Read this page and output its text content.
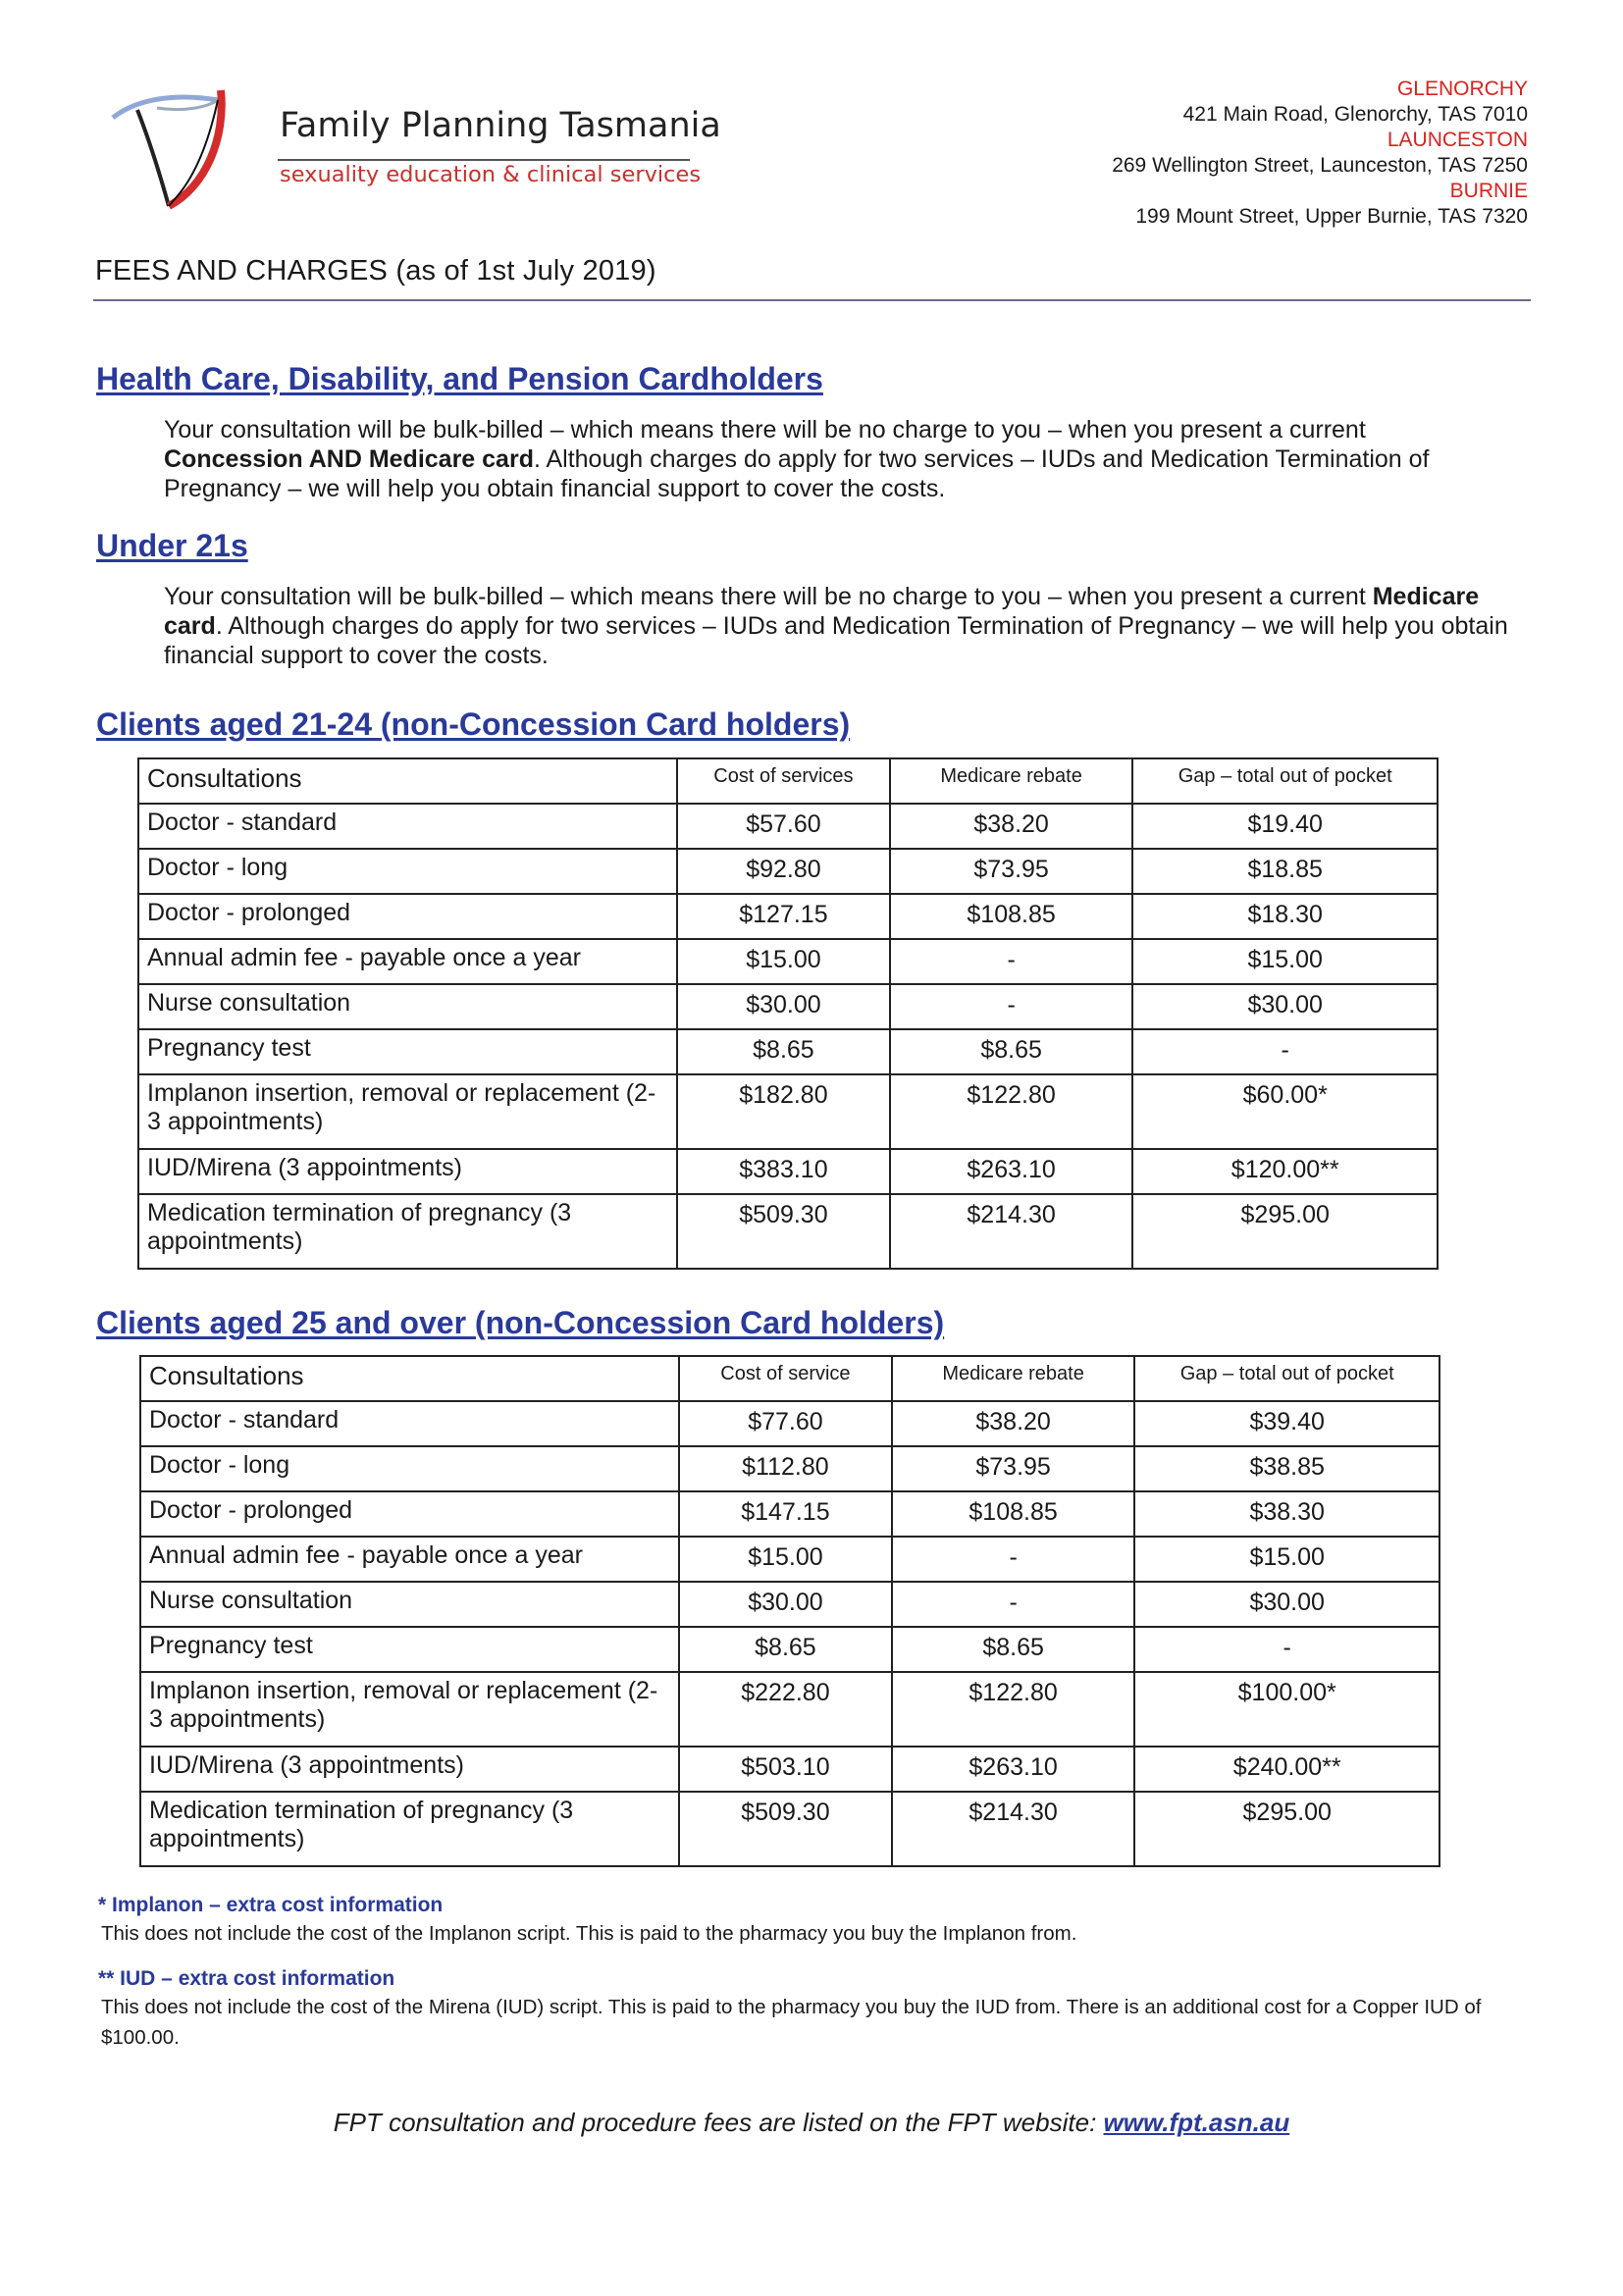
Family Planning Tasmania
sexuality education & clinical services
GLENORCHY
421 Main Road, Glenorchy, TAS 7010
LAUNCESTON
269 Wellington Street, Launceston, TAS 7250
BURNIE
199 Mount Street, Upper Burnie, TAS 7320
FEES AND CHARGES (as of 1st July 2019)
Health Care, Disability, and Pension Cardholders
Your consultation will be bulk-billed – which means there will be no charge to you – when you present a current Concession AND Medicare card. Although charges do apply for two services – IUDs and Medication Termination of Pregnancy – we will help you obtain financial support to cover the costs.
Under 21s
Your consultation will be bulk-billed – which means there will be no charge to you – when you present a current Medicare card. Although charges do apply for two services – IUDs and Medication Termination of Pregnancy – we will help you obtain financial support to cover the costs.
Clients aged 21-24 (non-Concession Card holders)
Consultations	Cost of services	Medicare rebate	Gap – total out of pocket
Doctor - standard	$57.60	$38.20	$19.40
Doctor - long	$92.80	$73.95	$18.85
Doctor - prolonged	$127.15	$108.85	$18.30
Annual admin fee - payable once a year	$15.00	-	$15.00
Nurse consultation	$30.00	-	$30.00
Pregnancy test	$8.65	$8.65	-
Implanon insertion, removal or replacement (2-3 appointments)	$182.80	$122.80	$60.00*
IUD/Mirena (3 appointments)	$383.10	$263.10	$120.00**
Medication termination of pregnancy (3 appointments)	$509.30	$214.30	$295.00
Clients aged 25 and over (non-Concession Card holders)
Consultations	Cost of service	Medicare rebate	Gap – total out of pocket
Doctor - standard	$77.60	$38.20	$39.40
Doctor - long	$112.80	$73.95	$38.85
Doctor - prolonged	$147.15	$108.85	$38.30
Annual admin fee - payable once a year	$15.00	-	$15.00
Nurse consultation	$30.00	-	$30.00
Pregnancy test	$8.65	$8.65	-
Implanon insertion, removal or replacement (2-3 appointments)	$222.80	$122.80	$100.00*
IUD/Mirena (3 appointments)	$503.10	$263.10	$240.00**
Medication termination of pregnancy (3 appointments)	$509.30	$214.30	$295.00
* Implanon – extra cost information
This does not include the cost of the Implanon script. This is paid to the pharmacy you buy the Implanon from.
** IUD – extra cost information
This does not include the cost of the Mirena (IUD) script. This is paid to the pharmacy you buy the IUD from. There is an additional cost for a Copper IUD of $100.00.
FPT consultation and procedure fees are listed on the FPT website: www.fpt.asn.au
